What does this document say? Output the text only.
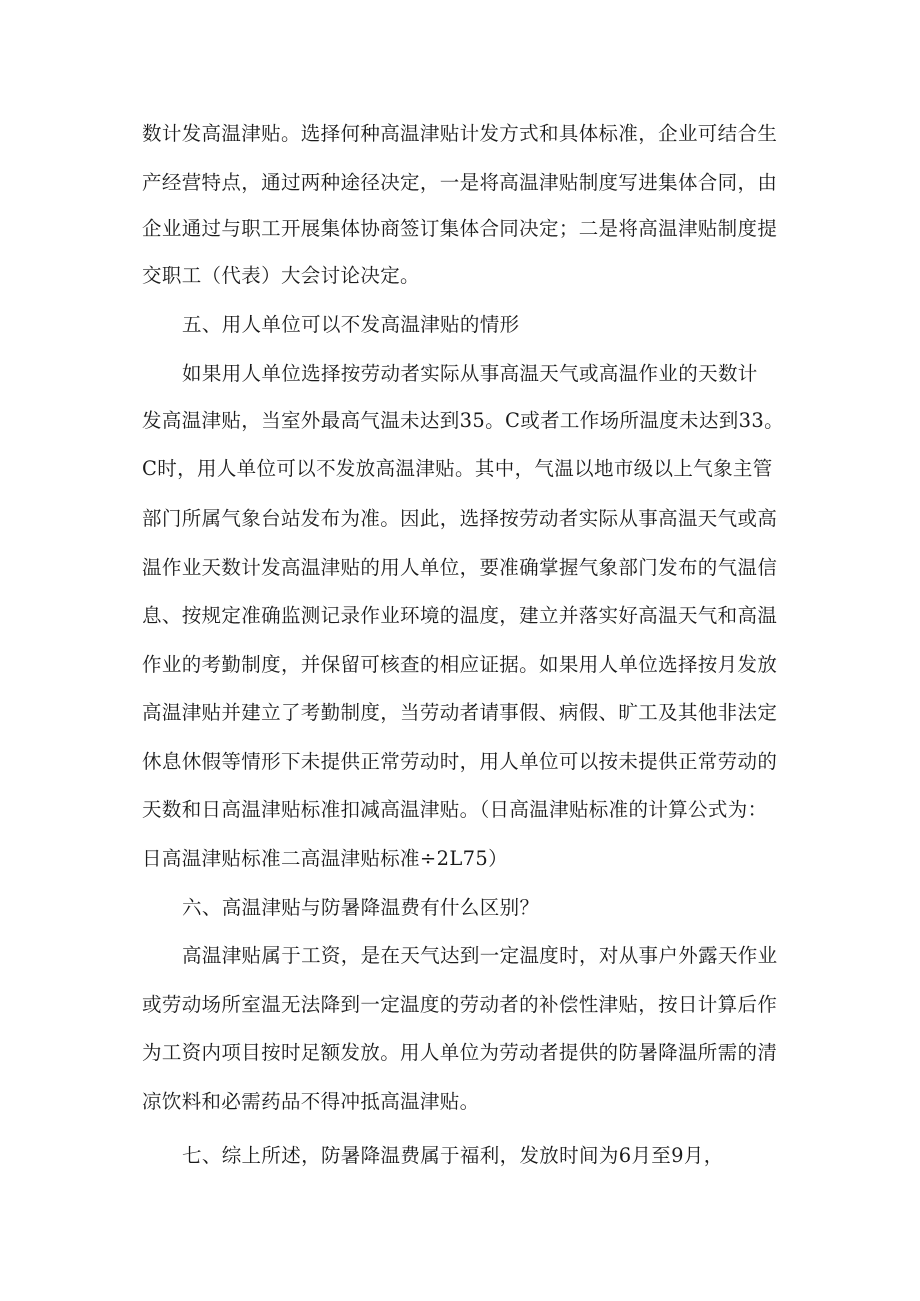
数计发高温津贴。选择何种高温津贴计发方式和具体标准，企业可结合生
产经营特点，通过两种途径决定，一是将高温津贴制度写进集体合同，由
企业通过与职工开展集体协商签订集体合同决定；二是将高温津贴制度提
交职工（代表）大会讨论决定。
五、用人单位可以不发高温津贴的情形
如果用人单位选择按劳动者实际从事高温天气或高温作业的天数计
发高温津贴，当室外最高气温未达到35。C或者工作场所温度未达到33。
C时，用人单位可以不发放高温津贴。其中，气温以地市级以上气象主管
部门所属气象台站发布为准。因此，选择按劳动者实际从事高温天气或高
温作业天数计发高温津贴的用人单位，要准确掌握气象部门发布的气温信
息、按规定准确监测记录作业环境的温度，建立并落实好高温天气和高温
作业的考勤制度，并保留可核查的相应证据。如果用人单位选择按月发放
高温津贴并建立了考勤制度，当劳动者请事假、病假、旷工及其他非法定
休息休假等情形下未提供正常劳动时，用人单位可以按未提供正常劳动的
天数和日高温津贴标准扣减高温津贴。（日高温津贴标准的计算公式为：
日高温津贴标准二高温津贴标准÷2L75）
六、高温津贴与防暑降温费有什么区别？
高温津贴属于工资，是在天气达到一定温度时，对从事户外露天作业
或劳动场所室温无法降到一定温度的劳动者的补偿性津贴，按日计算后作
为工资内项目按时足额发放。用人单位为劳动者提供的防暑降温所需的清
凉饮料和必需药品不得冲抵高温津贴。
七、综上所述，防暑降温费属于福利，发放时间为6月至9月，
